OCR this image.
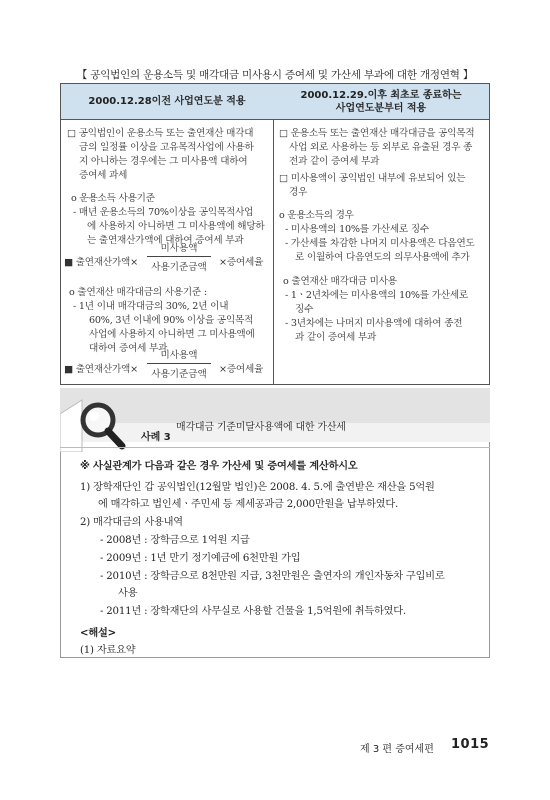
【 공익법인의 운용소득 및 매각대금 미사용시 증여세 및 가산세 부과에 대한 개정연혁 】
2000.12.28이전 사업연도분 적용
2000.12.29.이후 최초로 종료하는
사업연도분부터 적용
□ 공익법인이 운용소득 또는 출연재산 매각대
금의 일정률 이상을 고유목적사업에 사용하
지 아니하는 경우에는 그 미사용액 대하여
증여세 과세
o 운용소득 사용기준
- 매년 운용소득의 70%이상을 공익목적사업
에 사용하지 아니하면 그 미사용액에 해당하
는 출연재산가액에 대하여 증여세 부과
■ 출연재산가액×
미사용액
사용기준금액	×증여세율
o 출연재산 매각대금의 사용기준 :
- 1년 이내 매각대금의 30%, 2년 이내
60%, 3년 이내에 90% 이상을 공익목적
사업에 사용하지 아니하면 그 미사용액에
대하여 증여세 부과
■ 출연재산가액×
미사용액
사용기준금액	×증여세율
□ 운용소득 또는 출연재산 매각대금을 공익목적
사업 외로 사용하는 등 외부로 유출된 경우 종
전과 같이 증여세 부과
□ 미사용액이 공익법인 내부에 유보되어 있는
경우
o 운용소득의 경우
- 미사용액의 10%를 가산세로 징수
- 가산세를 차감한 나머지 미사용액은 다음연도
로 이월하여 다음연도의 의무사용액에 추가
o 출연재산 매각대금 미사용
- 1ㆍ2년차에는 미사용액의 10%를 가산세로
징수
- 3년차에는 나머지 미사용액에 대하여 종전
과 같이 증여세 부과
매각대금 기준미달사용액에 대한 가산세
사례 3
※ 사실관계가 다음과 같은 경우 가산세 및 증여세를 계산하시오
1) 장학재단인 갑 공익법인(12월말 법인)은 2008. 4. 5.에 출연받은 재산을 5억원
에 매각하고 법인세ㆍ주민세 등 제세공과금 2,000만원을 납부하였다.
2) 매각대금의 사용내역
- 2008년 : 장학금으로 1억원 지급
- 2009년 : 1년 만기 정기예금에 6천만원 가입
- 2010년 : 장학금으로 8천만원 지급, 3천만원은 출연자의 개인자동차 구입비로
사용
- 2011년 : 장학재단의 사무실로 사용할 건물을 1,5억원에 취득하였다.
<해설>
(1) 자료요약
제 3 편 증여세편 1015
